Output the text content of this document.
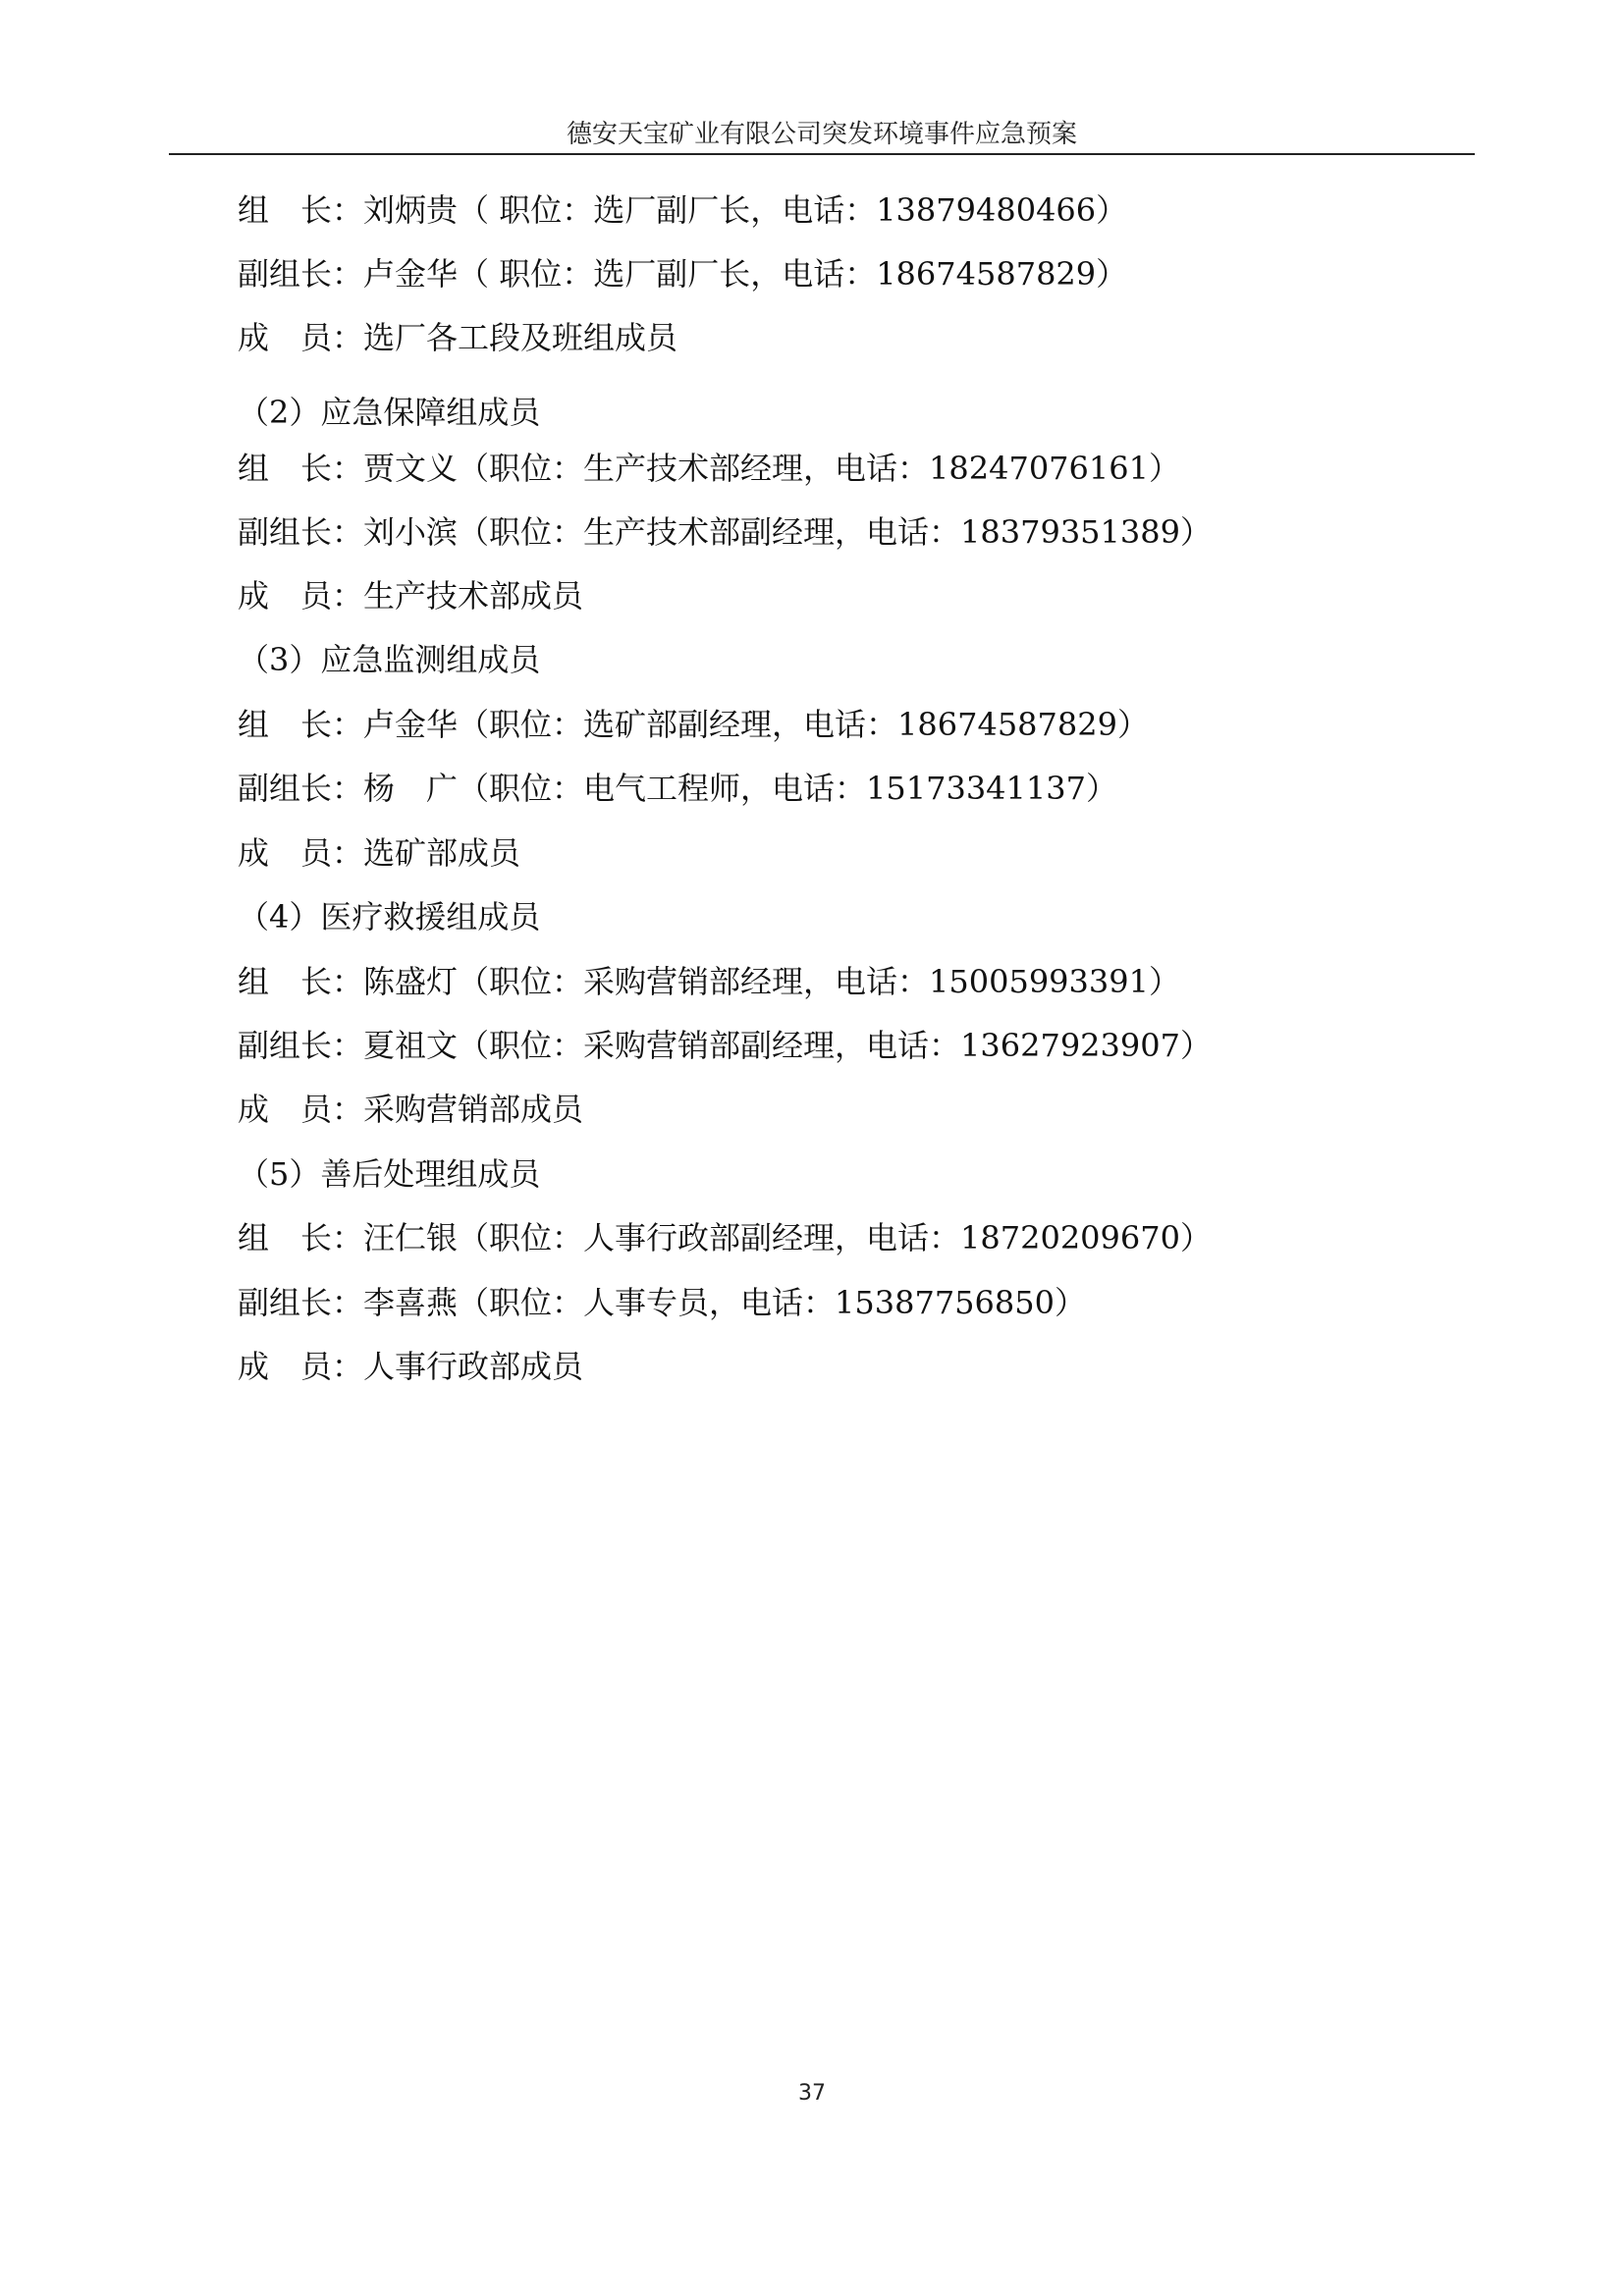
德安天宝矿业有限公司突发环境事件应急预案
组　长：刘炳贵（ 职位：选厂副厂长，电话：13879480466）
副组长：卢金华（ 职位：选厂副厂长，电话：18674587829）
成　员：选厂各工段及班组成员
（2）应急保障组成员
组　长：贾文义（职位：生产技术部经理，电话：18247076161）
副组长：刘小滨（职位：生产技术部副经理，电话：18379351389）
成　员：生产技术部成员
（3）应急监测组成员
组　长：卢金华（职位：选矿部副经理，电话：18674587829）
副组长：杨　广（职位：电气工程师，电话：15173341137）
成　员：选矿部成员
（4）医疗救援组成员
组　长：陈盛灯（职位：采购营销部经理，电话：15005993391）
副组长：夏祖文（职位：采购营销部副经理，电话：13627923907）
成　员：采购营销部成员
（5）善后处理组成员
组　长：汪仁银（职位：人事行政部副经理，电话：18720209670）
副组长：李喜燕（职位：人事专员，电话：15387756850）
成　员：人事行政部成员
37
